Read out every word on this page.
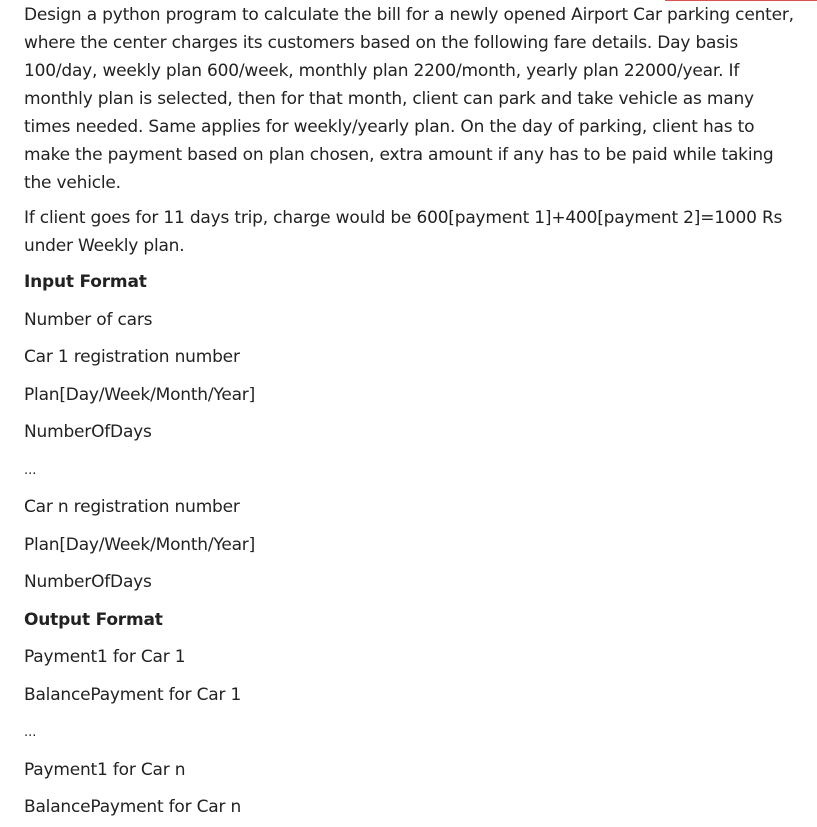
Design a python program to calculate the bill for a newly opened Airport Car parking center, where the center charges its customers based on the following fare details. Day basis 100/day, weekly plan 600/week, monthly plan 2200/month, yearly plan 22000/year. If monthly plan is selected, then for that month, client can park and take vehicle as many times needed. Same applies for weekly/yearly plan. On the day of parking, client has to make the payment based on plan chosen, extra amount if any has to be paid while taking the vehicle.

If client goes for 11 days trip, charge would be 600[payment 1]+400[payment 2]=1000 Rs under Weekly plan.

Input Format

Number of cars

Car 1 registration number

Plan[Day/Week/Month/Year]

NumberOfDays

...

Car n registration number

Plan[Day/Week/Month/Year]

NumberOfDays

Output Format

Payment1 for Car 1

BalancePayment for Car 1

...

Payment1 for Car n

BalancePayment for Car n
